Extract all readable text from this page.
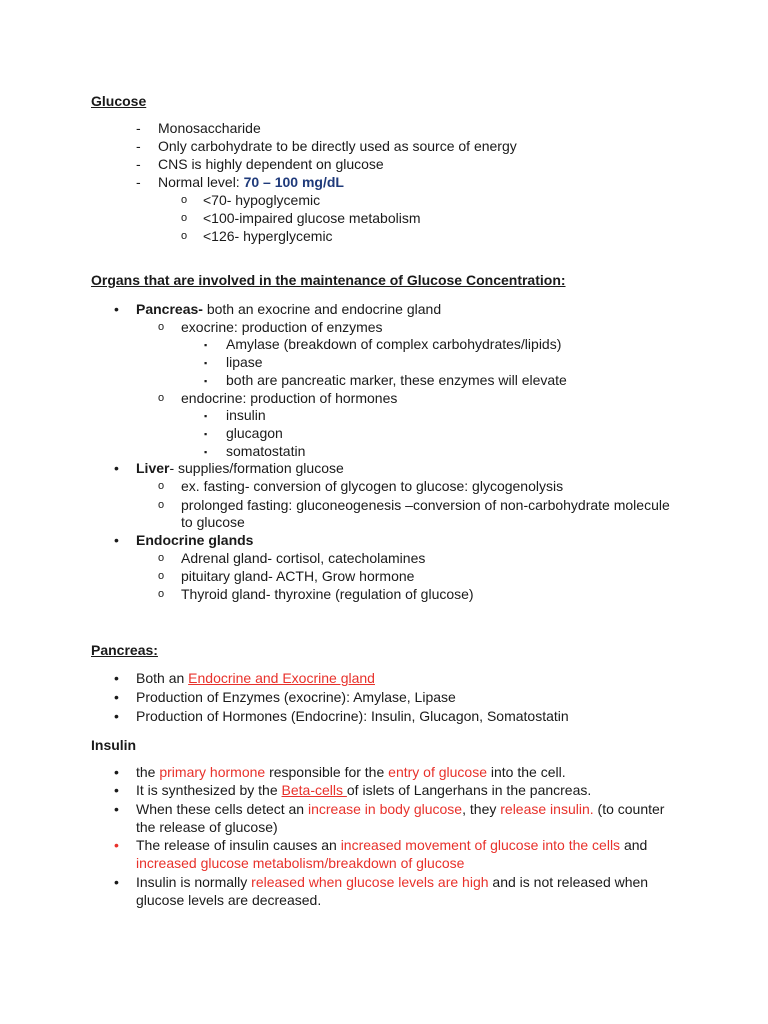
Glucose
- Monosaccharide
- Only carbohydrate to be directly used as source of energy
- CNS is highly dependent on glucose
- Normal level: 70 – 100 mg/dL
o <70- hypoglycemic
o <100-impaired glucose metabolism
o <126- hyperglycemic
Organs that are involved in the maintenance of Glucose Concentration:
• Pancreas- both an exocrine and endocrine gland
o exocrine: production of enzymes
▪ Amylase (breakdown of complex carbohydrates/lipids)
▪ lipase
▪ both are pancreatic marker, these enzymes will elevate
o endocrine: production of hormones
▪ insulin
▪ glucagon
▪ somatostatin
• Liver- supplies/formation glucose
o ex. fasting- conversion of glycogen to glucose: glycogenolysis
o prolonged fasting: gluconeogenesis –conversion of non-carbohydrate molecule
to glucose
• Endocrine glands
o Adrenal gland- cortisol, catecholamines
o pituitary gland- ACTH, Grow hormone
o Thyroid gland- thyroxine (regulation of glucose)
Pancreas:
• Both an Endocrine and Exocrine gland
• Production of Enzymes (exocrine): Amylase, Lipase
• Production of Hormones (Endocrine): Insulin, Glucagon, Somatostatin
Insulin
• the primary hormone responsible for the entry of glucose into the cell.
• It is synthesized by the Beta-cells of islets of Langerhans in the pancreas.
• When these cells detect an increase in body glucose, they release insulin. (to counter
the release of glucose)
• The release of insulin causes an increased movement of glucose into the cells and
increased glucose metabolism/breakdown of glucose
• Insulin is normally released when glucose levels are high and is not released when
glucose levels are decreased.
